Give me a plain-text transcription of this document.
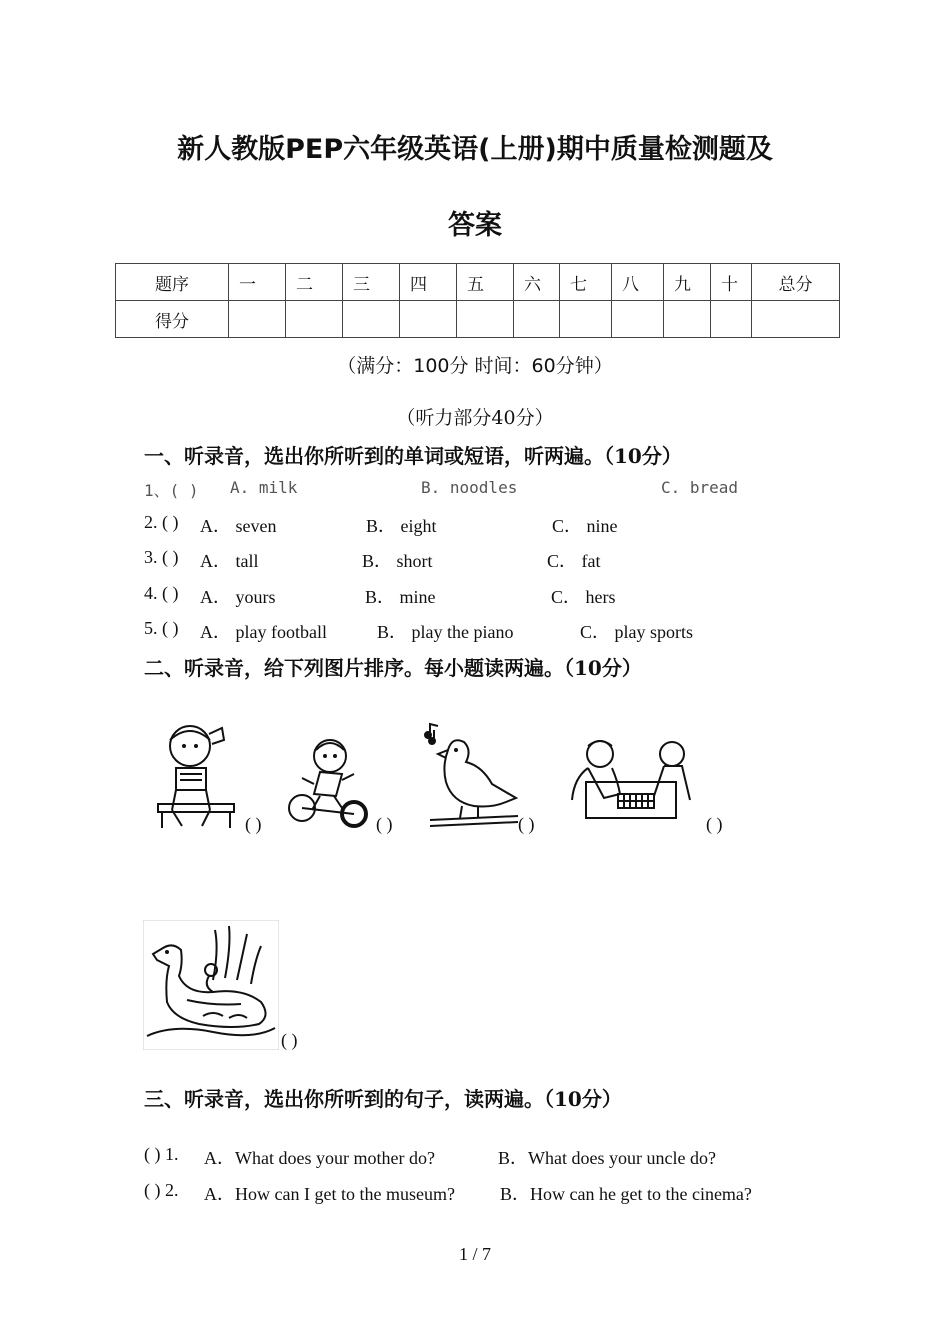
新人教版PEP六年级英语(上册)期中质量检测题及
答案
题序	一	二	三	四	五	六	七	八	九	十	总分
得分											
（满分：100分 时间：60分钟）
（听力部分40分）
一、听录音，选出你所听到的单词或短语，听两遍。（10分）
1、( ) A. milk	B. noodles	C. bread
2. ( ) A． seven	B． eight	C． nine
3. ( ) A． tall	B． short	C． fat
4. ( ) A． yours	B． mine	C． hers
5. ( ) A． play football	B． play the piano	C． play sports
二、听录音，给下列图片排序。每小题读两遍。（10分）
( )	( )	( )	( )
( )
三、听录音，选出你所听到的句子，读两遍。（10分）
( ) 1. A．What does your mother do?	B．What does your uncle do?
( ) 2. A．How can I get to the museum?	B．How can he get to the cinema?
1 / 7
